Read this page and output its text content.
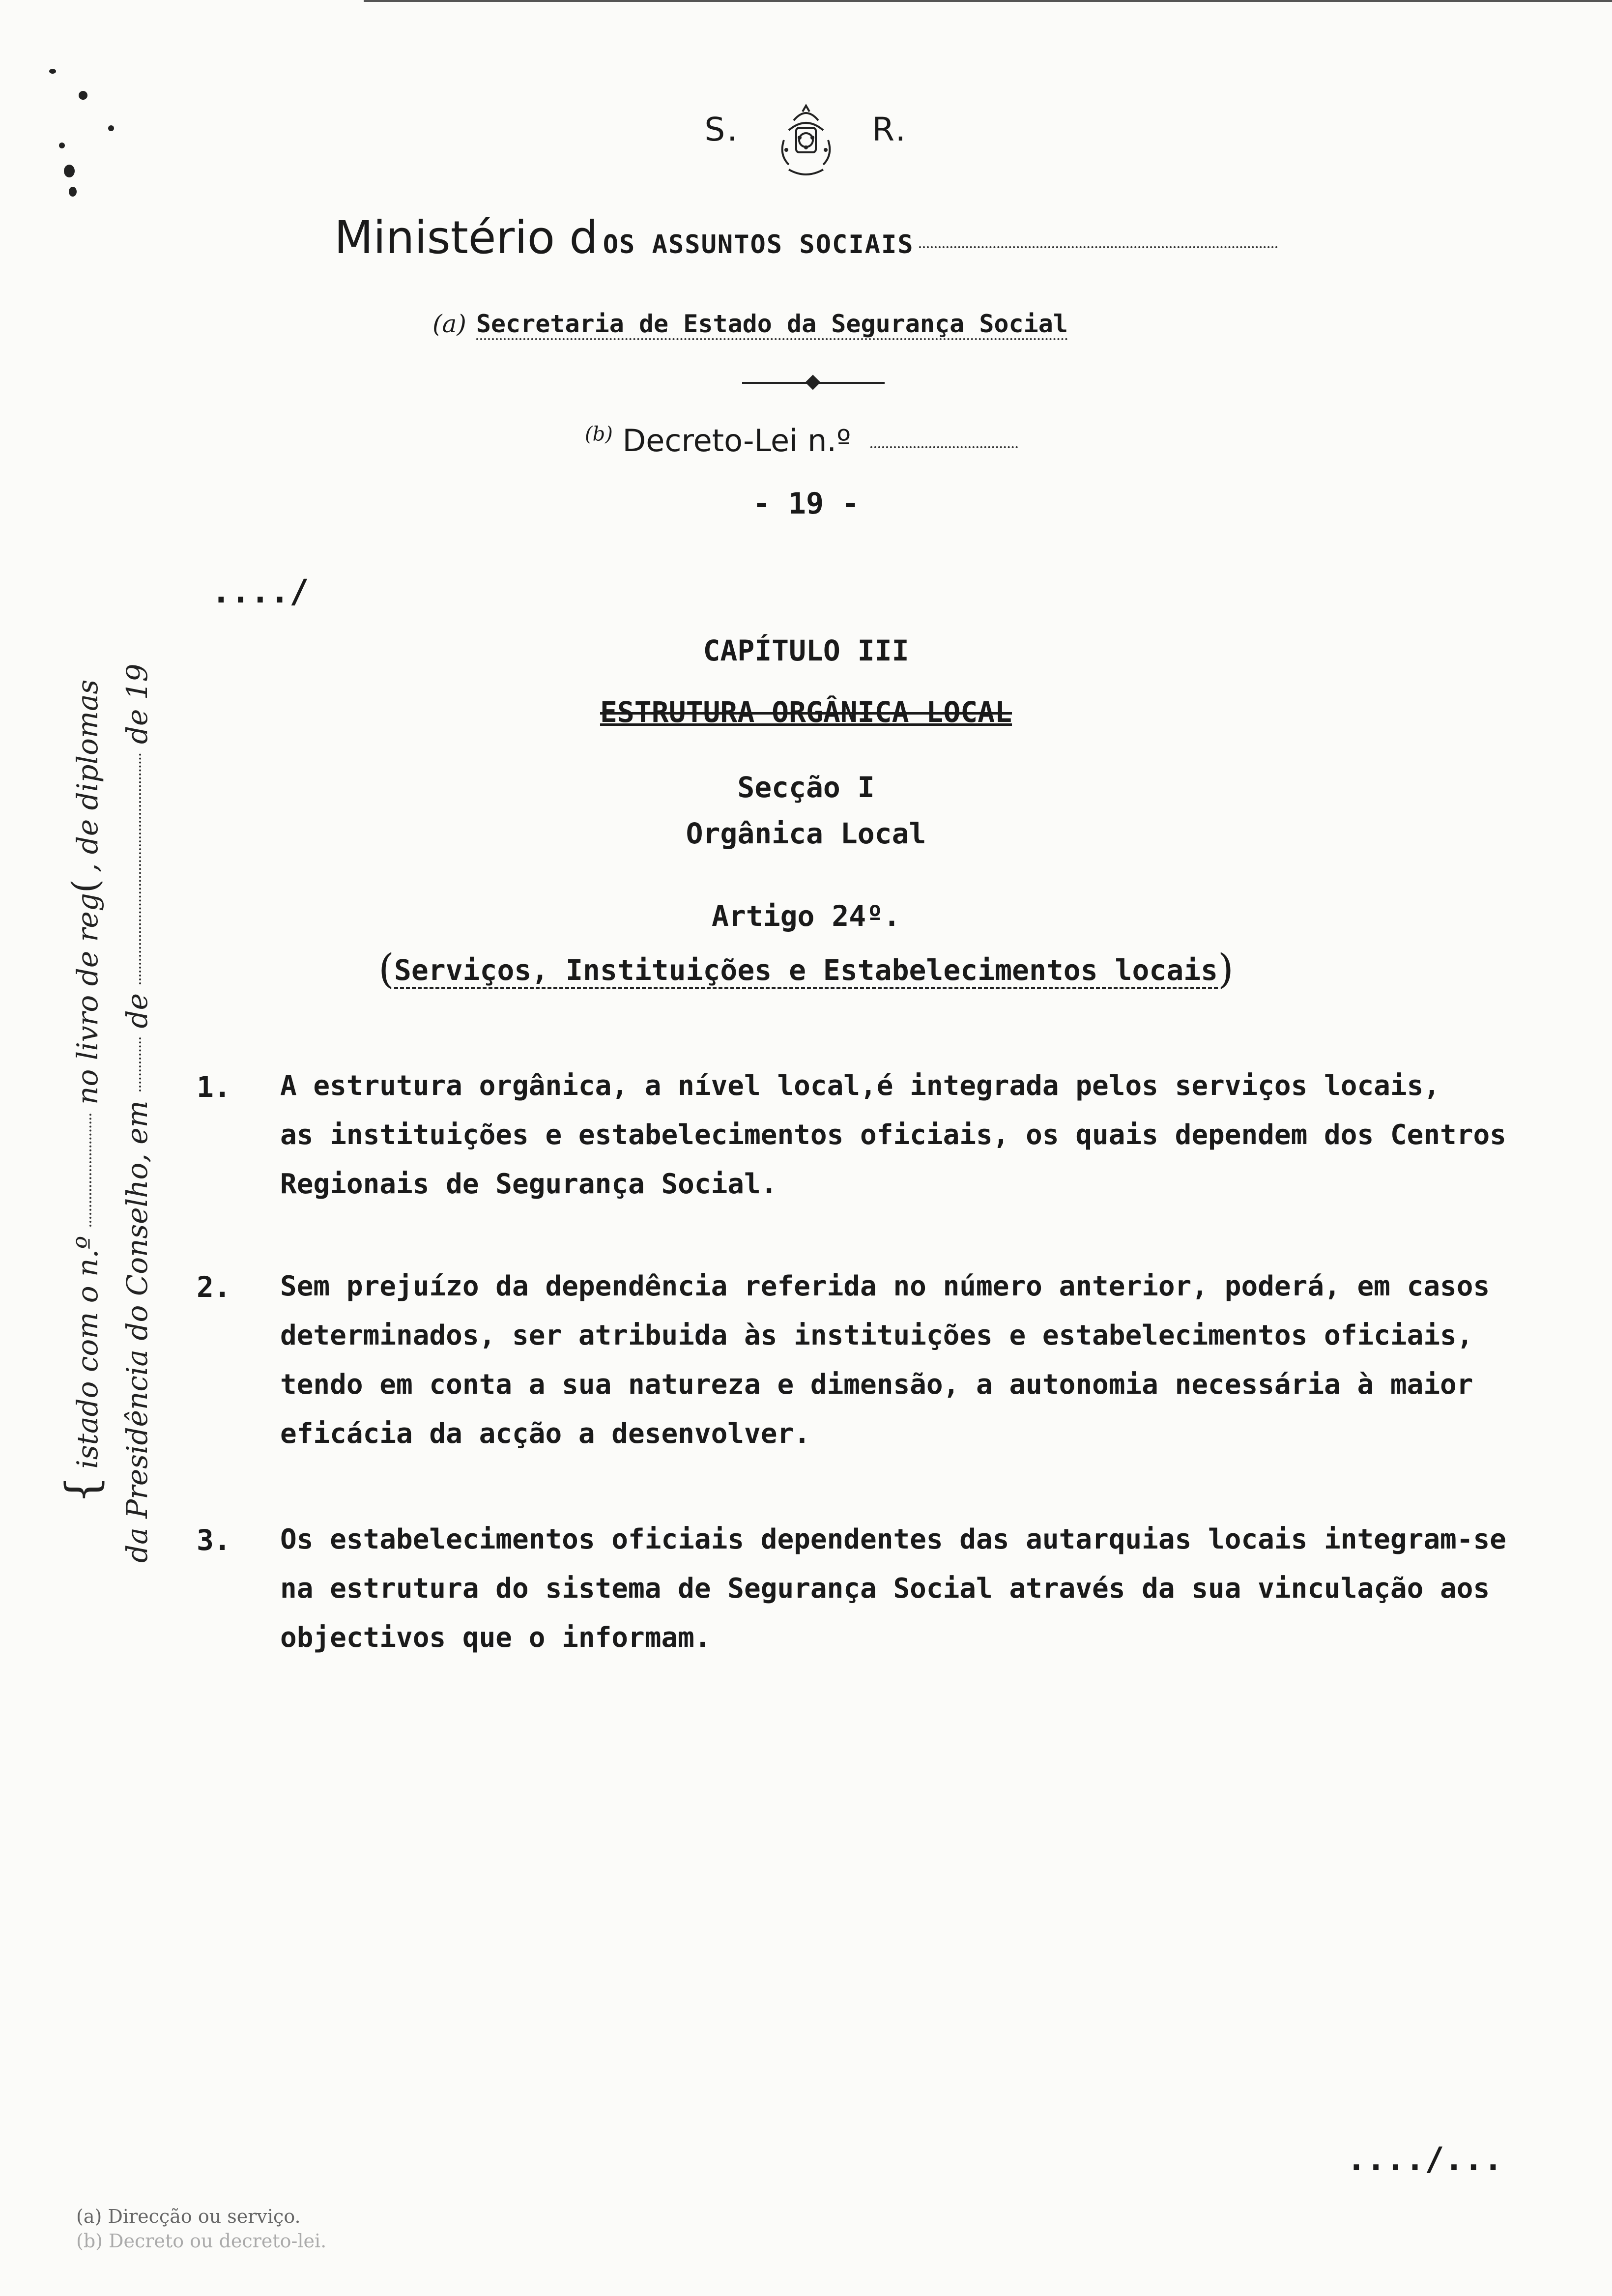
S.	R.
Ministério d OS ASSUNTOS SOCIAIS
(a) Secretaria de Estado da Segurança Social
$^{(b)}$ Decreto-Lei n.º
- 19 -
..../
CAPÍTULO III
ESTRUTURA ORGÂNICA LOCAL
Secção I
Orgânica Local
Artigo 24º.
(Serviços, Instituições e Estabelecimentos locais)
1. A estrutura orgânica, a nível local,é integrada pelos serviços locais,
as instituições e estabelecimentos oficiais, os quais dependem dos Centros
Regionais de Segurança Social.
2. Sem prejuízo da dependência referida no número anterior, poderá, em casos
determinados, ser atribuida às instituições e estabelecimentos oficiais,
tendo em conta a sua natureza e dimensão, a autonomia necessária à maior
eficácia da acção a desenvolver.
3. Os estabelecimentos oficiais dependentes das autarquias locais integram-se
na estrutura do sistema de Segurança Social através da sua vinculação aos
objectivos que o informam.
{istado com o n.º  no livro de reg(, de diplomas
da Presidência do Conselho, em  de  de 19
..../...
(a) Direcção ou serviço.
(b) Decreto ou decreto-lei.
